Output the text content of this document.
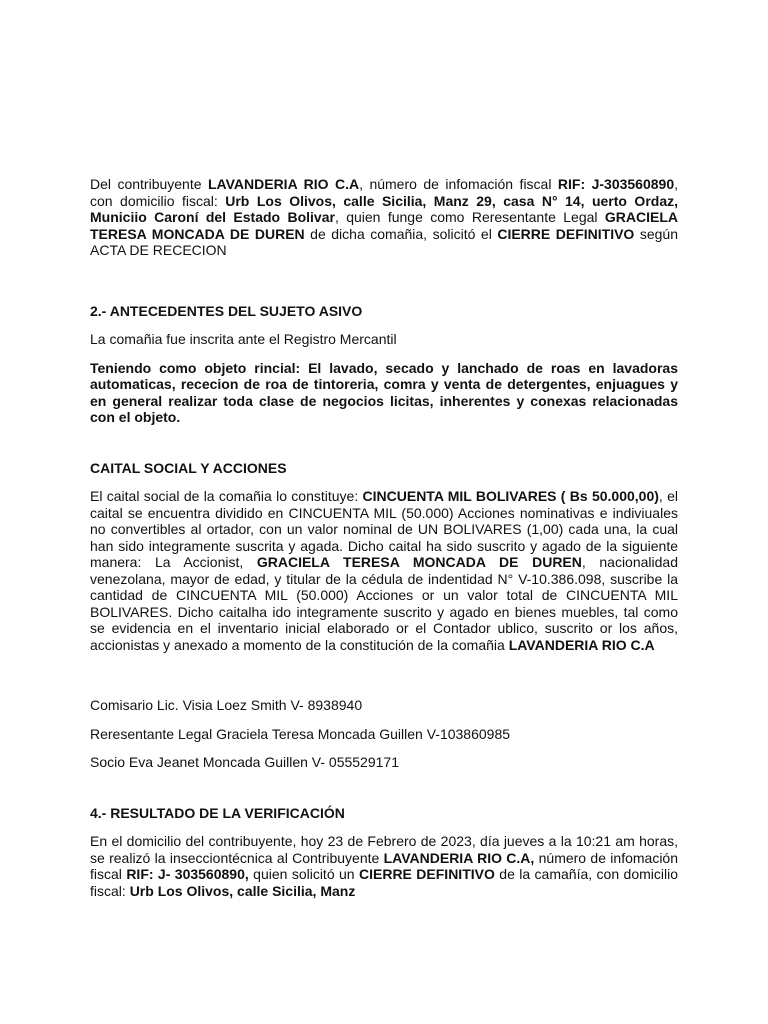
Del contribuyente LAVANDERIA RIO C.A, número de infomación fiscal RIF: J-303560890, con domicilio fiscal: Urb Los Olivos, calle Sicilia, Manz 29, casa N° 14, uerto Ordaz, Municiio Caroní del Estado Bolivar, quien funge como Reresentante Legal GRACIELA TERESA MONCADA DE DUREN de dicha comañia, solicitó el CIERRE DEFINITIVO según ACTA DE RECECION

2.- ANTECEDENTES DEL SUJETO ASIVO

La comañia fue inscrita ante el Registro Mercantil

Teniendo como objeto rincial: El lavado, secado y lanchado de roas en lavadoras automaticas, rececion de roa de tintoreria, comra y venta de detergentes, enjuagues y en general realizar toda clase de negocios licitas, inherentes y conexas relacionadas con el objeto.

CAITAL SOCIAL Y ACCIONES

El caital social de la comañia lo constituye: CINCUENTA MIL BOLIVARES ( Bs 50.000,00), el caital se encuentra dividido en CINCUENTA MIL (50.000) Acciones nominativas e indiviuales no convertibles al ortador, con un valor nominal de UN BOLIVARES (1,00) cada una, la cual han sido integramente suscrita y agada. Dicho caital ha sido suscrito y agado de la siguiente manera: La Accionist, GRACIELA TERESA MONCADA DE DUREN, nacionalidad venezolana, mayor de edad, y titular de la cédula de indentidad N° V-10.386.098, suscribe la cantidad de CINCUENTA MIL (50.000) Acciones or un valor total de CINCUENTA MIL BOLIVARES. Dicho caitalha ido integramente suscrito y agado en bienes muebles, tal como se evidencia en el inventario inicial elaborado or el Contador ublico, suscrito or los años, accionistas y anexado a momento de la constitución de la comañia LAVANDERIA RIO C.A

Comisario Lic. Visia Loez Smith V- 8938940

Reresentante Legal Graciela Teresa Moncada Guillen V-103860985

Socio Eva Jeanet Moncada Guillen V- 055529171

4.- RESULTADO DE LA VERIFICACIÓN

En el domicilio del contribuyente, hoy 23 de Febrero de 2023, día jueves a la 10:21 am horas, se realizó la insecciontécnica al Contribuyente LAVANDERIA RIO C.A, número de infomación fiscal RIF: J- 303560890, quien solicitó un CIERRE DEFINITIVO de la camañía, con domicilio fiscal: Urb Los Olivos, calle Sicilia, Manz
